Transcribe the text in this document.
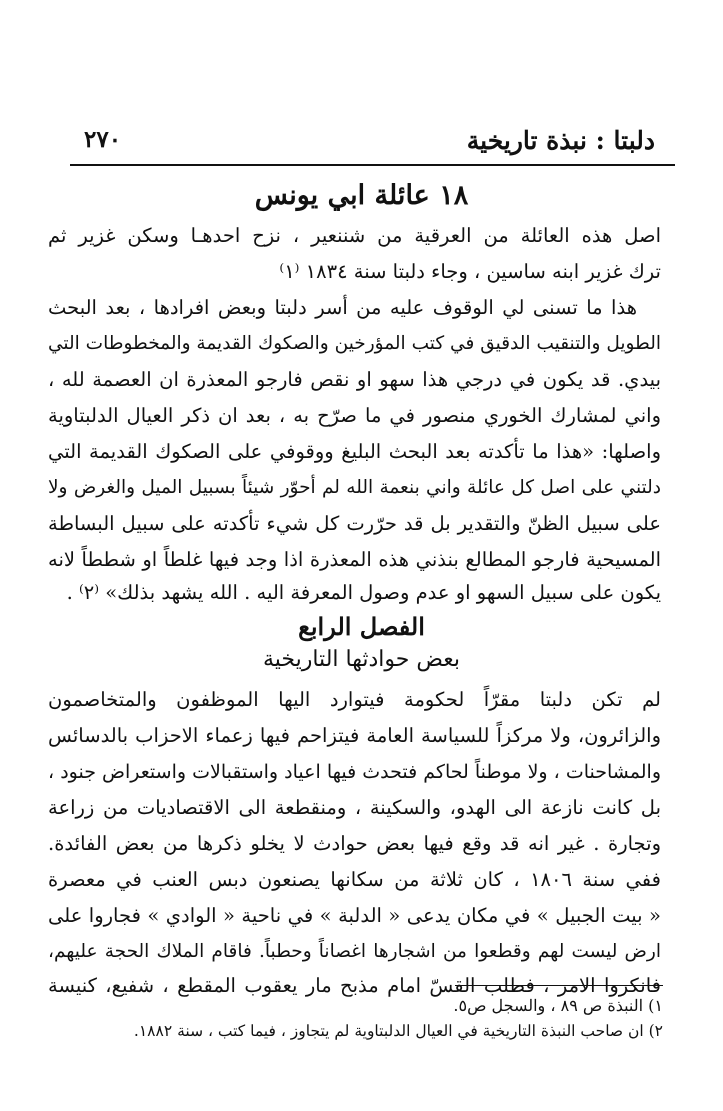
دلبتا : نبذة تاريخية
٢٧٠
١٨ عائلة ابي يونس
اصل هذه العائلة من العرقية من شننعير ، نزح احدهـا وسكن غزير ثم
ترك غزير ابنه ساسين ، وجاء دلبتا سنة ١٨٣٤ ⁽١⁾
هذا ما تسنى لي الوقوف عليه من أسر دلبتا وبعض افرادها ، بعد البحث
الطويل والتنقيب الدقيق في كتب المؤرخين والصكوك القديمة والمخطوطات التي
بيدي. قد يكون في درجي هذا سهو او نقص فارجو المعذرة ان العصمة لله ،
واني لمشارك الخوري منصور في ما صرّح به ، بعد ان ذكر العيال الدلبتاوية
واصلها: «هذا ما تأكدته بعد البحث البليغ ووقوفي على الصكوك القديمة التي
دلتني على اصل كل عائلة واني بنعمة الله لم أحوّر شيئاً بسبيل الميل والغرض ولا
على سبيل الظنّ والتقدير بل قد حرّرت كل شيء تأكدته على سبيل البساطة
المسيحية فارجو المطالع بنذني هذه المعذرة اذا وجد فيها غلطاً او شططاً لانه
يكون على سبيل السهو او عدم وصول المعرفة اليه . الله يشهد بذلك» ⁽٢⁾ .
الفصل الرابع
بعض حوادثها التاريخية
لم تكن دلبتا مقرّاً لحكومة فيتوارد اليها الموظفون والمتخاصمون
والزائرون، ولا مركزاً للسياسة العامة فيتزاحم فيها زعماء الاحزاب بالدسائس
والمشاحنات ، ولا موطناً لحاكم فتحدث فيها اعياد واستقبالات واستعراض جنود ،
بل كانت نازعة الى الهدو، والسكينة ، ومنقطعة الى الاقتصاديات من زراعة
وتجارة . غير انه قد وقع فيها بعض حوادث لا يخلو ذكرها من بعض الفائدة.
ففي سنة ١٨٠٦ ، كان ثلاثة من سكانها يصنعون دبس العنب في معصرة
« بيت الجبيل » في مكان يدعى « الدلبة » في ناحية « الوادي » فجاروا على
ارض ليست لهم وقطعوا من اشجارها اغصاناً وحطباً. فاقام الملاك الحجة عليهم،
فانكروا الامر ، فطلب القسّ امام مذبح مار يعقوب المقطع ، شفيع، كنيسة
١) النبذة ص ٨٩ ، والسجل ص٥.
٢) ان صاحب النبذة التاريخية في العيال الدلبتاوية لم يتجاوز ، فيما كتب ، سنة ١٨٨٢.
